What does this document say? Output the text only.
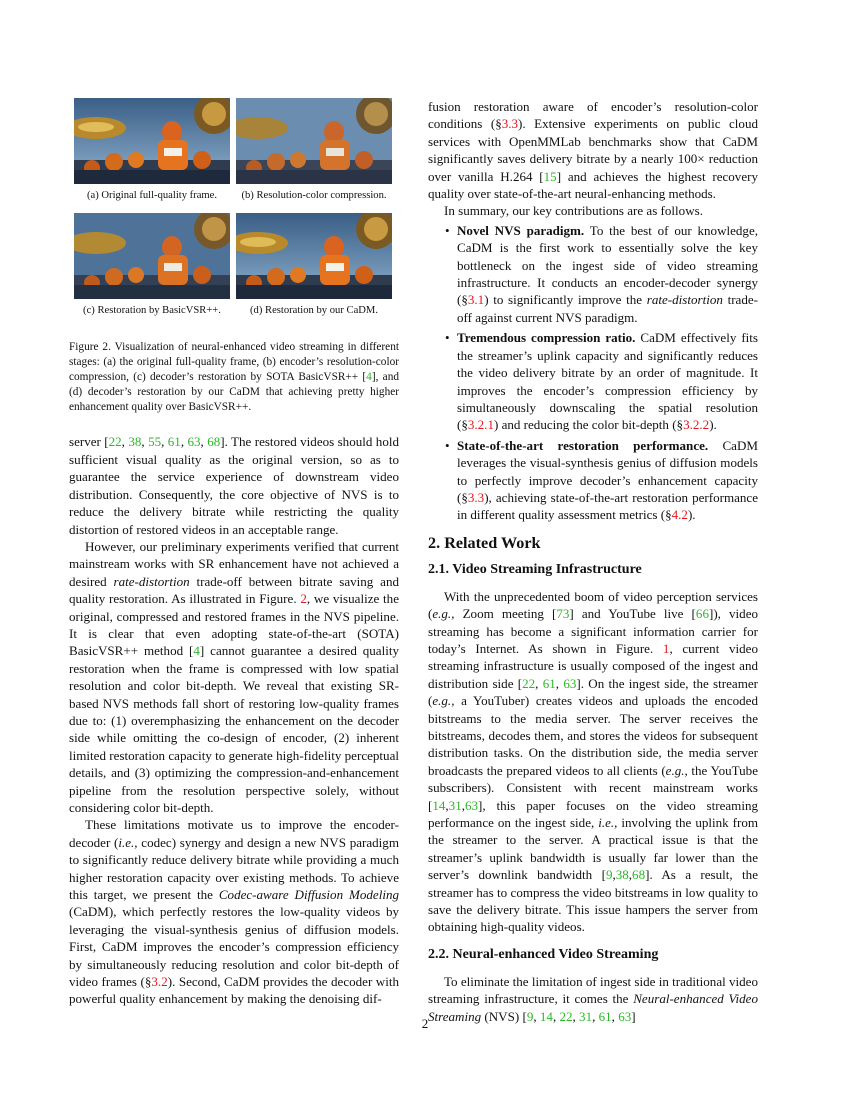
(a) Original full-quality frame. (b) Resolution-color compression.
(c) Restoration by BasicVSR++.	(d) Restoration by our CaDM.
Figure 2. Visualization of neural-enhanced video streaming in different stages: (a) the original full-quality frame, (b) encoder’s resolution-color compression, (c) decoder’s restoration by SOTA BasicVSR++ [4], and (d) decoder’s restoration by our CaDM that achieving pretty higher enhancement quality over BasicVSR++.

server [22, 38, 55, 61, 63, 68]. The restored videos should hold sufficient visual quality as the original version, so as to guarantee the service experience of downstream video distribution. Consequently, the core objective of NVS is to reduce the delivery bitrate while restricting the quality distortion of restored videos in an acceptable range.

However, our preliminary experiments verified that current mainstream works with SR enhancement have not achieved a desired rate-distortion trade-off between bitrate saving and quality restoration. As illustrated in Figure. 2, we visualize the original, compressed and restored frames in the NVS pipeline. It is clear that even adopting state-of-the-art (SOTA) BasicVSR++ method [4] cannot guarantee a desired quality restoration when the frame is compressed with low spatial resolution and color bit-depth. We reveal that existing SR-based NVS methods fall short of restoring low-quality frames due to: (1) overemphasizing the enhancement on the decoder side while omitting the co-design of encoder, (2) inherent limited restoration capacity to generate high-fidelity perceptual details, and (3) optimizing the compression-and-enhancement pipeline from the resolution perspective solely, without considering color bit-depth.

These limitations motivate us to improve the encoder-decoder (i.e., codec) synergy and design a new NVS paradigm to significantly reduce delivery bitrate while providing a much higher restoration capacity over existing methods. To achieve this target, we present the Codec-aware Diffusion Modeling (CaDM), which perfectly restores the low-quality videos by leveraging the visual-synthesis genius of diffusion models. First, CaDM improves the encoder’s compression efficiency by simultaneously reducing resolution and color bit-depth of video frames (§3.2). Second, CaDM provides the decoder with powerful quality enhancement by making the denoising dif-

fusion restoration aware of encoder’s resolution-color conditions (§3.3). Extensive experiments on public cloud services with OpenMMLab benchmarks show that CaDM significantly saves delivery bitrate by a nearly 100× reduction over vanilla H.264 [15] and achieves the highest recovery quality over state-of-the-art neural-enhancing methods.

In summary, our key contributions are as follows.

• Novel NVS paradigm. To the best of our knowledge, CaDM is the first work to essentially solve the key bottleneck on the ingest side of video streaming infrastructure. It conducts an encoder-decoder synergy (§3.1) to significantly improve the rate-distortion trade-off against current NVS paradigm.
• Tremendous compression ratio. CaDM effectively fits the streamer’s uplink capacity and significantly reduces the video delivery bitrate by an order of magnitude. It improves the encoder’s compression efficiency by simultaneously downscaling the spatial resolution (§3.2.1) and reducing the color bit-depth (§3.2.2).
• State-of-the-art restoration performance. CaDM leverages the visual-synthesis genius of diffusion models to perfectly improve decoder’s enhancement capacity (§3.3), achieving state-of-the-art restoration performance in different quality assessment metrics (§4.2).
2. Related Work
2.1. Video Streaming Infrastructure

With the unprecedented boom of video perception services (e.g., Zoom meeting [73] and YouTube live [66]), video streaming has become a significant information carrier for today’s Internet. As shown in Figure. 1, current video streaming infrastructure is usually composed of the ingest and distribution side [22, 61, 63]. On the ingest side, the streamer (e.g., a YouTuber) creates videos and uploads the encoded bitstreams to the media server. The server receives the bitstreams, decodes them, and stores the videos for subsequent distribution tasks. On the distribution side, the media server broadcasts the prepared videos to all clients (e.g., the YouTube subscribers). Consistent with recent mainstream works [14,31,63], this paper focuses on the video streaming performance on the ingest side, i.e., involving the uplink from the streamer to the server. A practical issue is that the streamer’s uplink bandwidth is usually far lower than the server’s downlink bandwidth [9,38,68]. As a result, the streamer has to compress the video bitstreams in low quality to save the delivery bitrate. This issue hampers the server from obtaining high-quality videos.

2.2. Neural-enhanced Video Streaming

To eliminate the limitation of ingest side in traditional video streaming infrastructure, it comes the Neural-enhanced Video Streaming (NVS) [9, 14, 22, 31, 61, 63]

2
